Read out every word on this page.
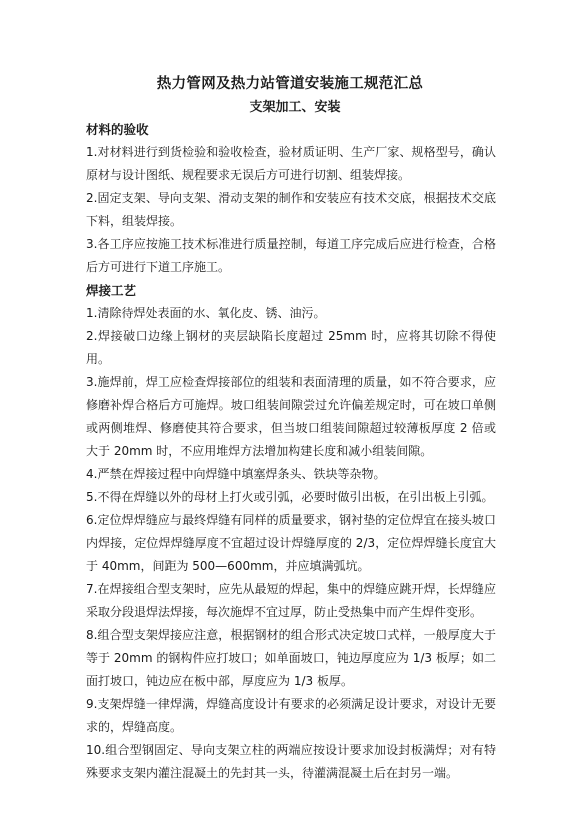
热力管网及热力站管道安装施工规范汇总
支架加工、安装
材料的验收

1.对材料进行到货检验和验收检查，验材质证明、生产厂家、规格型号，确认原材与设计图纸、规程要求无误后方可进行切割、组装焊接。

2.固定支架、导向支架、滑动支架的制作和安装应有技术交底，根据技术交底下料，组装焊接。

3.各工序应按施工技术标准进行质量控制，每道工序完成后应进行检查，合格后方可进行下道工序施工。

焊接工艺

1.清除待焊处表面的水、氧化皮、锈、油污。

2.焊接破口边缘上钢材的夹层缺陷长度超过 25mm 时，应将其切除不得使用。

3.施焊前，焊工应检查焊接部位的组装和表面清理的质量，如不符合要求，应修磨补焊合格后方可施焊。坡口组装间隙尝过允许偏差规定时，可在坡口单侧或两侧堆焊、修磨使其符合要求，但当坡口组装间隙超过较薄板厚度 2 倍或大于 20mm 时，不应用堆焊方法增加构建长度和减小组装间隙。

4.严禁在焊接过程中向焊缝中填塞焊条头、铁块等杂物。

5.不得在焊缝以外的母材上打火或引弧，必要时做引出板，在引出板上引弧。

6.定位焊焊缝应与最终焊缝有同样的质量要求，钢衬垫的定位焊宜在接头坡口内焊接，定位焊焊缝厚度不宜超过设计焊缝厚度的 2/3，定位焊焊缝长度宜大于 40mm，间距为 500—600mm，并应填满弧坑。

7.在焊接组合型支架时，应先从最短的焊起，集中的焊缝应跳开焊，长焊缝应采取分段退焊法焊接，每次施焊不宜过厚，防止受热集中而产生焊件变形。

8.组合型支架焊接应注意，根据钢材的组合形式决定坡口式样，一般厚度大于等于 20mm 的钢构件应打坡口；如单面坡口，钝边厚度应为 1/3 板厚；如二面打坡口，钝边应在板中部，厚度应为 1/3 板厚。

9.支架焊缝一律焊满，焊缝高度设计有要求的必须满足设计要求，对设计无要求的，焊缝高度。

10.组合型钢固定、导向支架立柱的两端应按设计要求加设封板满焊；对有特殊要求支架内灌注混凝土的先封其一头，待灌满混凝土后在封另一端。
